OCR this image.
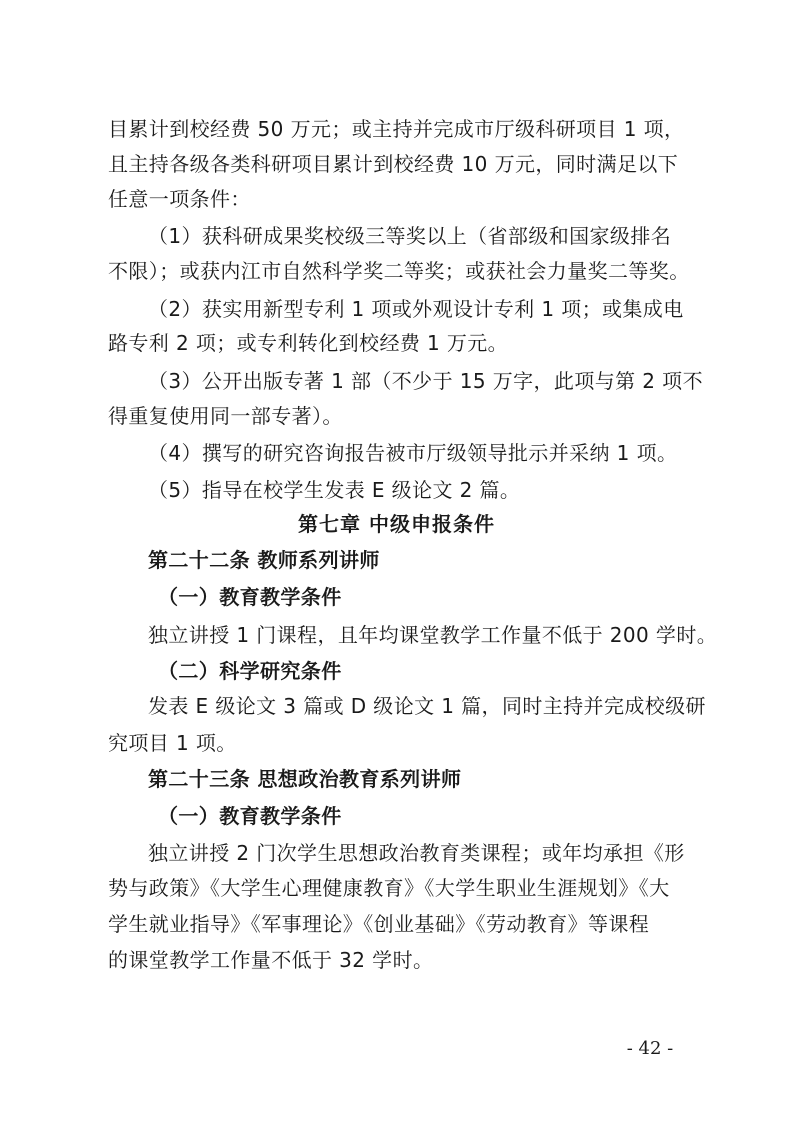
目累计到校经费 50 万元；或主持并完成市厅级科研项目 1 项，

且主持各级各类科研项目累计到校经费 10 万元，同时满足以下

任意一项条件：

（1）获科研成果奖校级三等奖以上（省部级和国家级排名

不限）；或获内江市自然科学奖二等奖；或获社会力量奖二等奖。

（2）获实用新型专利 1 项或外观设计专利 1 项；或集成电

路专利 2 项；或专利转化到校经费 1 万元。

（3）公开出版专著 1 部（不少于 15 万字，此项与第 2 项不

得重复使用同一部专著）。

（4）撰写的研究咨询报告被市厅级领导批示并采纳 1 项。

（5）指导在校学生发表 E 级论文 2 篇。

第七章 中级申报条件

第二十二条 教师系列讲师

（一）教育教学条件

独立讲授 1 门课程，且年均课堂教学工作量不低于 200 学时。

（二）科学研究条件

发表 E 级论文 3 篇或 D 级论文 1 篇，同时主持并完成校级研

究项目 1 项。

第二十三条 思想政治教育系列讲师

（一）教育教学条件

独立讲授 2 门次学生思想政治教育类课程；或年均承担《形

势与政策》《大学生心理健康教育》《大学生职业生涯规划》《大

学生就业指导》《军事理论》《创业基础》《劳动教育》等课程

的课堂教学工作量不低于 32 学时。

- 42 -
